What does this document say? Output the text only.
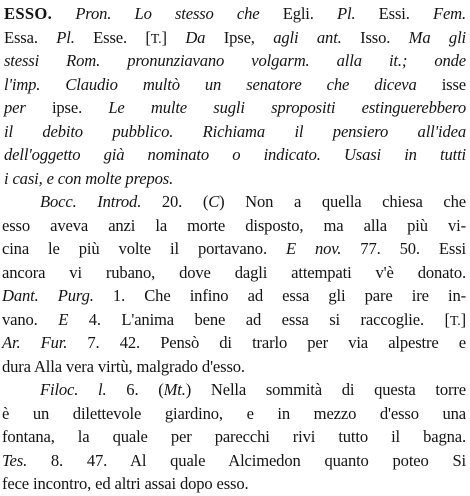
ESSO. Pron. Lo stesso che Egli. Pl. Essi. Fem.
Essa. Pl. Esse. [T.] Da Ipse, agli ant. Isso. Ma gli
stessi Rom. pronunziavano volgarm. alla it.; onde
l'imp. Claudio multò un senatore che diceva isse
per ipse. Le multe sugli spropositi estinguerebbero
il debito pubblico. Richiama il pensiero all'idea
dell'oggetto già nominato o indicato. Usasi in tutti
i casi, e con molte prepos.
Bocc. Introd. 20. (C) Non a quella chiesa che
esso aveva anzi la morte disposto, ma alla più vi-
cina le più volte il portavano. E nov. 77. 50. Essi
ancora vi rubano, dove dagli attempati v'è donato.
Dant. Purg. 1. Che infino ad essa gli pare ire in-
vano. E 4. L'anima bene ad essa si raccoglie. [T.]
Ar. Fur. 7. 42. Pensò di trarlo per via alpestre e
dura Alla vera virtù, malgrado d'esso.
Filoc. l. 6. (Mt.) Nella sommità di questa torre
è un dilettevole giardino, e in mezzo d'esso una
fontana, la quale per parecchi rivi tutto il bagna.
Tes. 8. 47. Al quale Alcimedon quanto poteo Si
fece incontro, ed altri assai dopo esso.
